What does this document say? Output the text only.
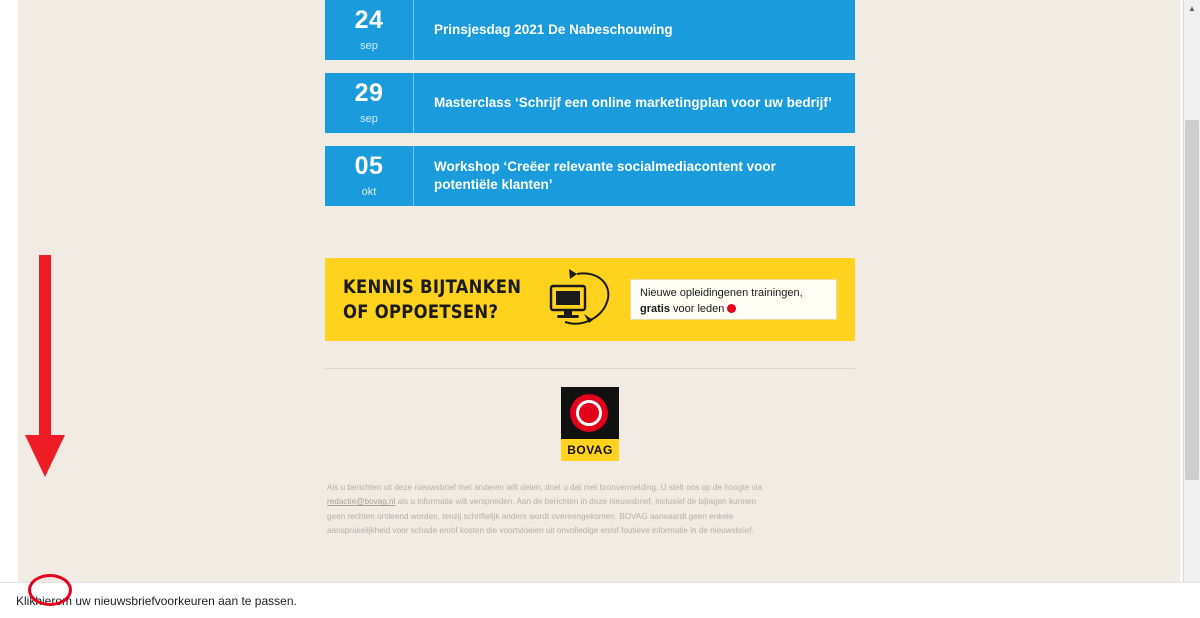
24
sep
Prinsjesdag 2021 De Nabeschouwing
29
sep
Masterclass ‘Schrijf een online marketingplan voor uw bedrijf’
05
okt
Workshop ‘Creëer relevante socialmediacontent voor potentiële klanten’
KENNIS BIJTANKEN
OF OPPOETSEN?
Nieuwe opleidingenen trainingen,
gratis voor leden
BOVAG
Als u berichten uit deze nieuwsbrief met anderen wilt delen, doet u dat met bronvermelding. U stelt ons op de hoogte via
redactie@bovag.nl als u informatie wilt verspreiden. Aan de berichten in deze nieuwsbrief, inclusief de bijlagen kunnen
geen rechten ontleend worden, tenzij schriftelijk anders wordt overeengekomen. BOVAG aanvaardt geen enkele
aansprakelijkheid voor schade en/of kosten die voortvloeien uit onvolledige en/of foutieve informatie in de nieuwsbrief.
▲
Klik hier om uw nieuwsbriefvoorkeuren aan te passen.
